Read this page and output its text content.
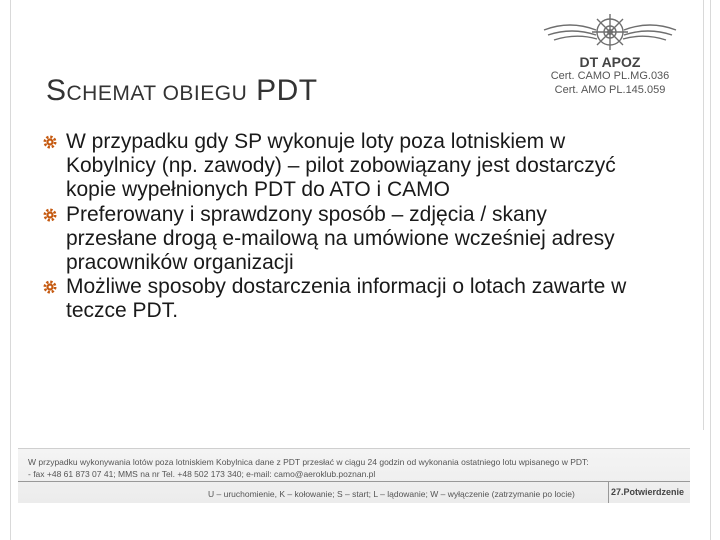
SCHEMAT OBIEGU PDT
DT APOZ
Cert. CAMO PL.MG.036
Cert. AMO PL.145.059
W przypadku gdy SP wykonuje loty poza lotniskiem w Kobylnicy (np. zawody) – pilot zobowiązany jest dostarczyć kopie wypełnionych PDT do ATO i CAMO
Preferowany i sprawdzony sposób – zdjęcia / skany przesłane drogą e-mailową na umówione wcześniej adresy pracowników organizacji
Możliwe sposoby dostarczenia informacji o lotach zawarte w teczce PDT.
W przypadku wykonywania lotów poza lotniskiem Kobylnica dane z PDT przesłać w ciągu 24 godzin od wykonania ostatniego lotu wpisanego w PDT:
- fax +48 61 873 07 41; MMS na nr Tel. +48 502 173 340; e-mail: camo@aeroklub.poznan.pl
U – uruchomienie, K – kołowanie; S – start; L – lądowanie; W – wyłączenie (zatrzymanie po locie)	27.Potwierdzenie
